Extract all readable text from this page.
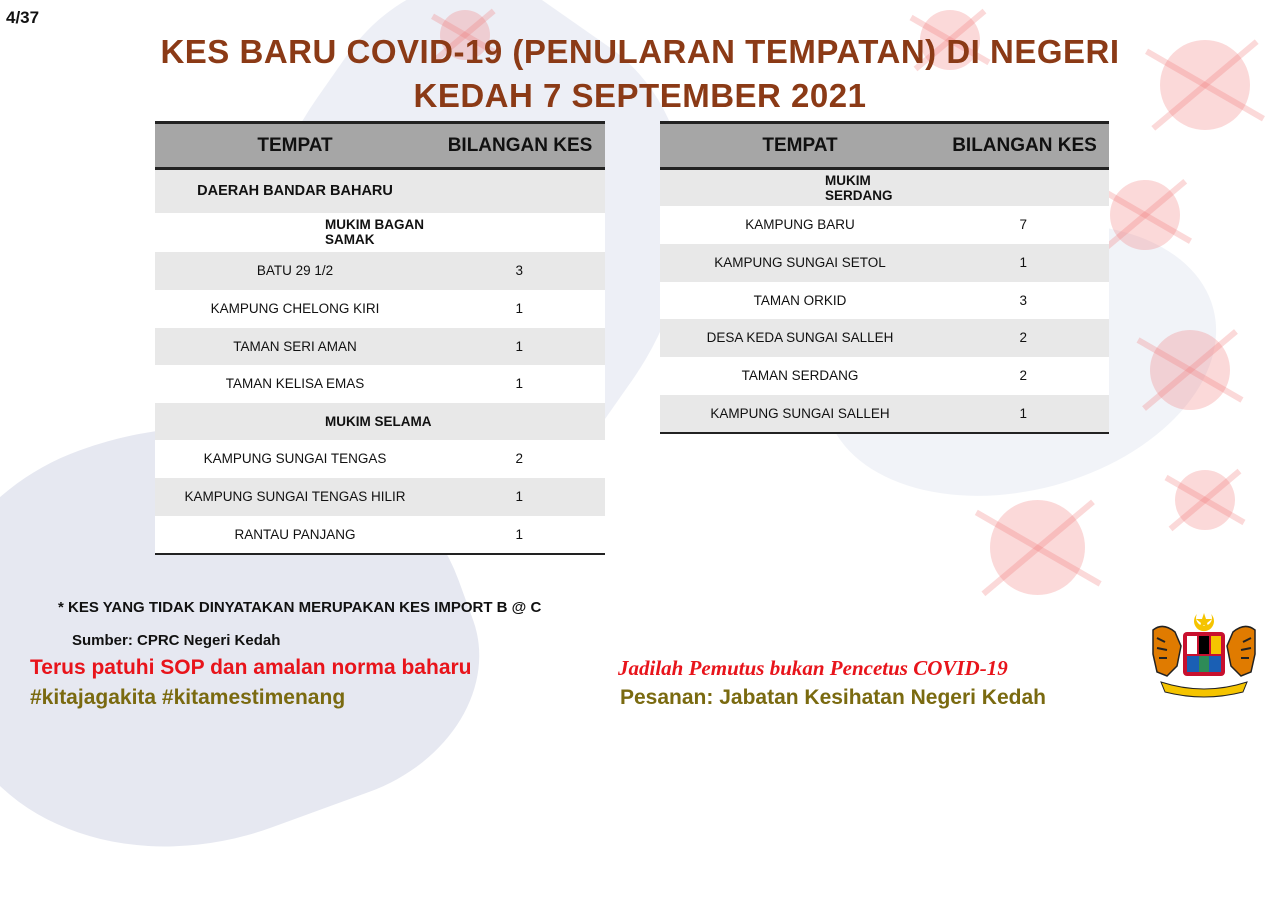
4/37
KES BARU COVID-19 (PENULARAN TEMPATAN) DI NEGERI
KEDAH 7 SEPTEMBER 2021
TEMPAT	BILANGAN KES
DAERAH BANDAR BAHARU	
MUKIM BAGAN SAMAK	
BATU 29 1/2	3
KAMPUNG CHELONG KIRI	1
TAMAN SERI AMAN	1
TAMAN KELISA EMAS	1
MUKIM SELAMA	
KAMPUNG SUNGAI TENGAS	2
KAMPUNG SUNGAI TENGAS HILIR	1
RANTAU PANJANG	1
TEMPAT	BILANGAN KES
MUKIM SERDANG	
KAMPUNG BARU	7
KAMPUNG SUNGAI SETOL	1
TAMAN ORKID	3
DESA KEDA SUNGAI SALLEH	2
TAMAN SERDANG	2
KAMPUNG SUNGAI SALLEH	1
* KES YANG TIDAK DINYATAKAN MERUPAKAN KES IMPORT B @ C
Sumber: CPRC Negeri Kedah
Terus patuhi SOP dan amalan norma baharu
#kitajagakita #kitamestimenang
Jadilah Pemutus bukan Pencetus COVID-19
Pesanan: Jabatan Kesihatan Negeri Kedah
